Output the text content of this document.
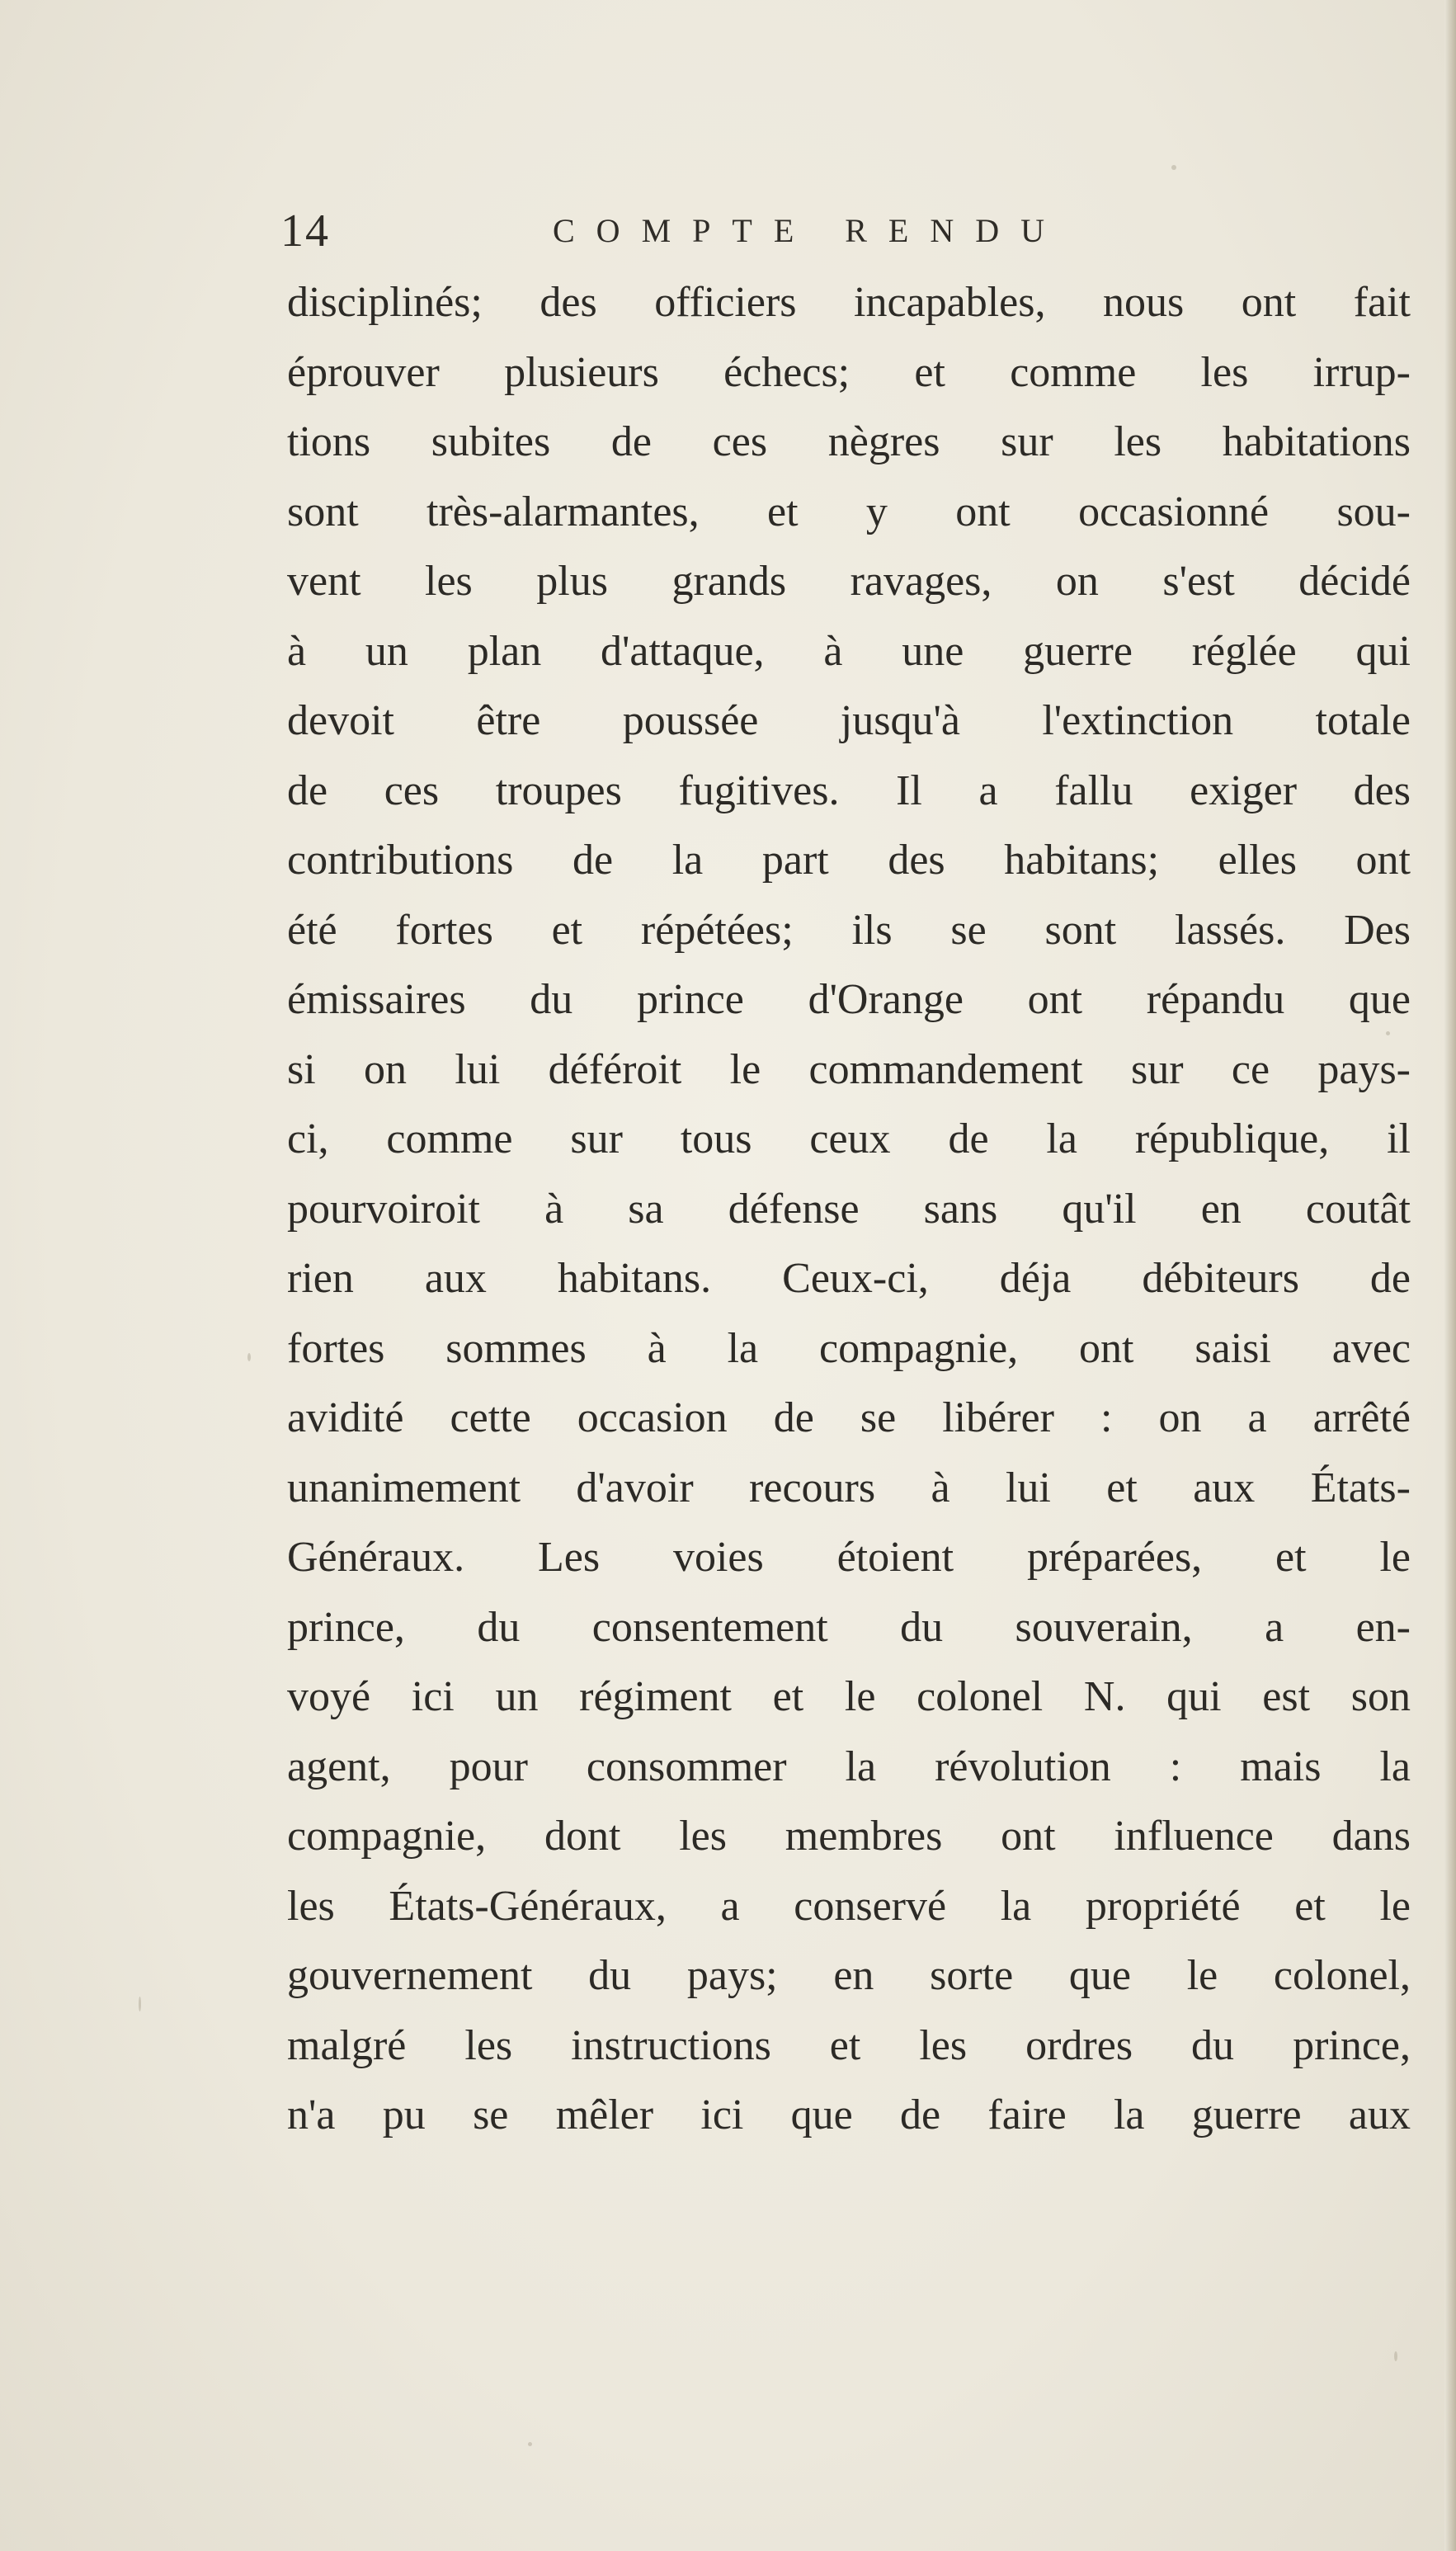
14	COMPTE RENDU
disciplinés; des officiers incapables, nous ont fait
éprouver plusieurs échecs; et comme les irrup-
tions subites de ces nègres sur les habitations
sont très-alarmantes, et y ont occasionné sou-
vent les plus grands ravages, on s'est décidé
à un plan d'attaque, à une guerre réglée qui
devoit être poussée jusqu'à l'extinction totale
de ces troupes fugitives. Il a fallu exiger des
contributions de la part des habitans; elles ont
été fortes et répétées; ils se sont lassés. Des
émissaires du prince d'Orange ont répandu que
si on lui déféroit le commandement sur ce pays-
ci, comme sur tous ceux de la république, il
pourvoiroit à sa défense sans qu'il en coutât
rien aux habitans. Ceux-ci, déja débiteurs de
fortes sommes à la compagnie, ont saisi avec
avidité cette occasion de se libérer : on a arrêté
unanimement d'avoir recours à lui et aux États-
Généraux. Les voies étoient préparées, et le
prince, du consentement du souverain, a en-
voyé ici un régiment et le colonel N. qui est son
agent, pour consommer la révolution : mais la
compagnie, dont les membres ont influence dans
les États-Généraux, a conservé la propriété et le
gouvernement du pays; en sorte que le colonel,
malgré les instructions et les ordres du prince,
n'a pu se mêler ici que de faire la guerre aux
